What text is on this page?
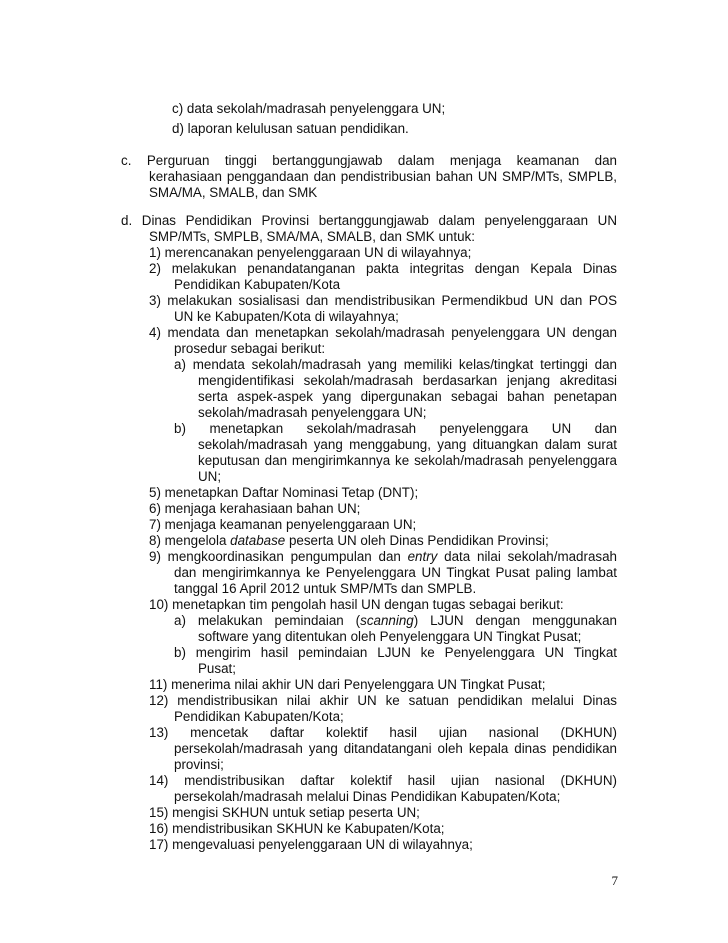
c) data sekolah/madrasah penyelenggara UN;
d) laporan kelulusan satuan pendidikan.
c. Perguruan tinggi bertanggungjawab dalam menjaga keamanan dan
kerahasiaan penggandaan dan pendistribusian bahan UN SMP/MTs, SMPLB,
SMA/MA, SMALB, dan SMK
d. Dinas Pendidikan Provinsi bertanggungjawab dalam penyelenggaraan UN
SMP/MTs, SMPLB, SMA/MA, SMALB, dan SMK untuk:
1) merencanakan penyelenggaraan UN di wilayahnya;
2) melakukan penandatanganan pakta integritas dengan Kepala Dinas
Pendidikan Kabupaten/Kota
3) melakukan sosialisasi dan mendistribusikan Permendikbud UN dan POS
UN ke Kabupaten/Kota di wilayahnya;
4) mendata dan menetapkan sekolah/madrasah penyelenggara UN dengan
prosedur sebagai berikut:
a) mendata sekolah/madrasah yang memiliki kelas/tingkat tertinggi dan
mengidentifikasi sekolah/madrasah berdasarkan jenjang akreditasi
serta aspek-aspek yang dipergunakan sebagai bahan penetapan
sekolah/madrasah penyelenggara UN;
b) menetapkan sekolah/madrasah penyelenggara UN dan
sekolah/madrasah yang menggabung, yang dituangkan dalam surat
keputusan dan mengirimkannya ke sekolah/madrasah penyelenggara
UN;
5) menetapkan Daftar Nominasi Tetap (DNT);
6) menjaga kerahasiaan bahan UN;
7) menjaga keamanan penyelenggaraan UN;
8) mengelola database peserta UN oleh Dinas Pendidikan Provinsi;
9) mengkoordinasikan pengumpulan dan entry data nilai sekolah/madrasah
dan mengirimkannya ke Penyelenggara UN Tingkat Pusat paling lambat
tanggal 16 April 2012 untuk SMP/MTs dan SMPLB.
10) menetapkan tim pengolah hasil UN dengan tugas sebagai berikut:
a) melakukan pemindaian (scanning) LJUN dengan menggunakan
software yang ditentukan oleh Penyelenggara UN Tingkat Pusat;
b) mengirim hasil pemindaian LJUN ke Penyelenggara UN Tingkat
Pusat;
11) menerima nilai akhir UN dari Penyelenggara UN Tingkat Pusat;
12) mendistribusikan nilai akhir UN ke satuan pendidikan melalui Dinas
Pendidikan Kabupaten/Kota;
13) mencetak daftar kolektif hasil ujian nasional (DKHUN)
persekolah/madrasah yang ditandatangani oleh kepala dinas pendidikan
provinsi;
14) mendistribusikan daftar kolektif hasil ujian nasional (DKHUN)
persekolah/madrasah melalui Dinas Pendidikan Kabupaten/Kota;
15) mengisi SKHUN untuk setiap peserta UN;
16) mendistribusikan SKHUN ke Kabupaten/Kota;
17) mengevaluasi penyelenggaraan UN di wilayahnya;
7
